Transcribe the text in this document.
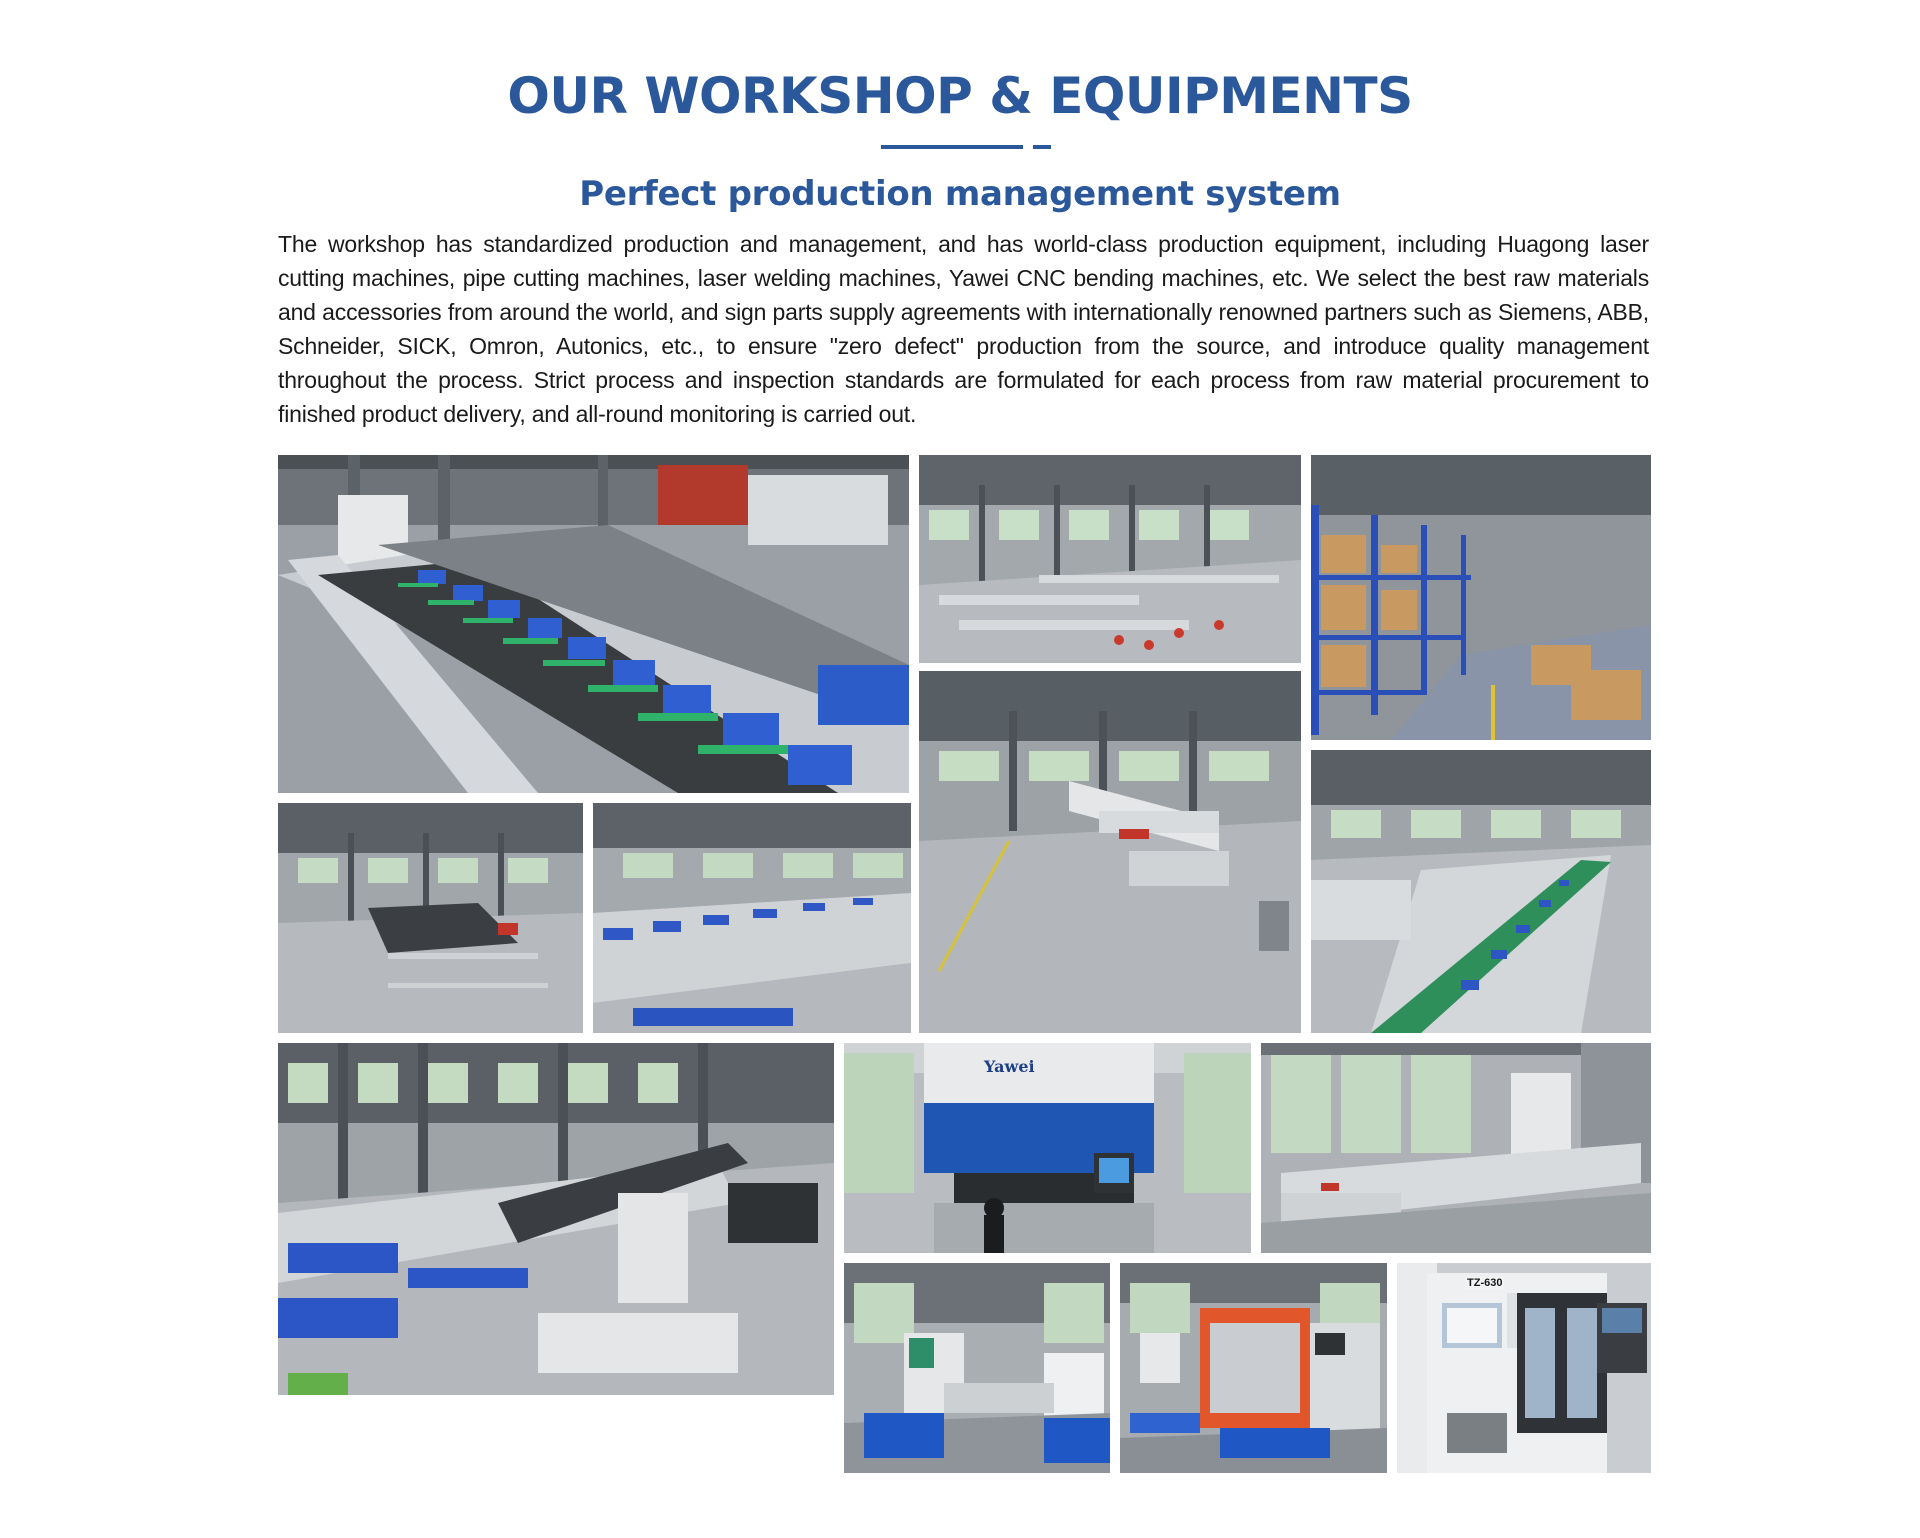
OUR WORKSHOP & EQUIPMENTS
Perfect production management system

The workshop has standardized production and management, and has world-class production equipment, including Huagong laser cutting machines, pipe cutting machines, laser welding machines, Yawei CNC bending machines, etc. We select the best raw materials and accessories from around the world, and sign parts supply agreements with internationally renowned partners such as Siemens, ABB, Schneider, SICK, Omron, Autonics, etc., to ensure "zero defect" production from the source, and introduce quality management throughout the process. Strict process and inspection standards are formulated for each process from raw material procurement to finished product delivery, and all-round monitoring is carried out.

Yawei
TZ-630
